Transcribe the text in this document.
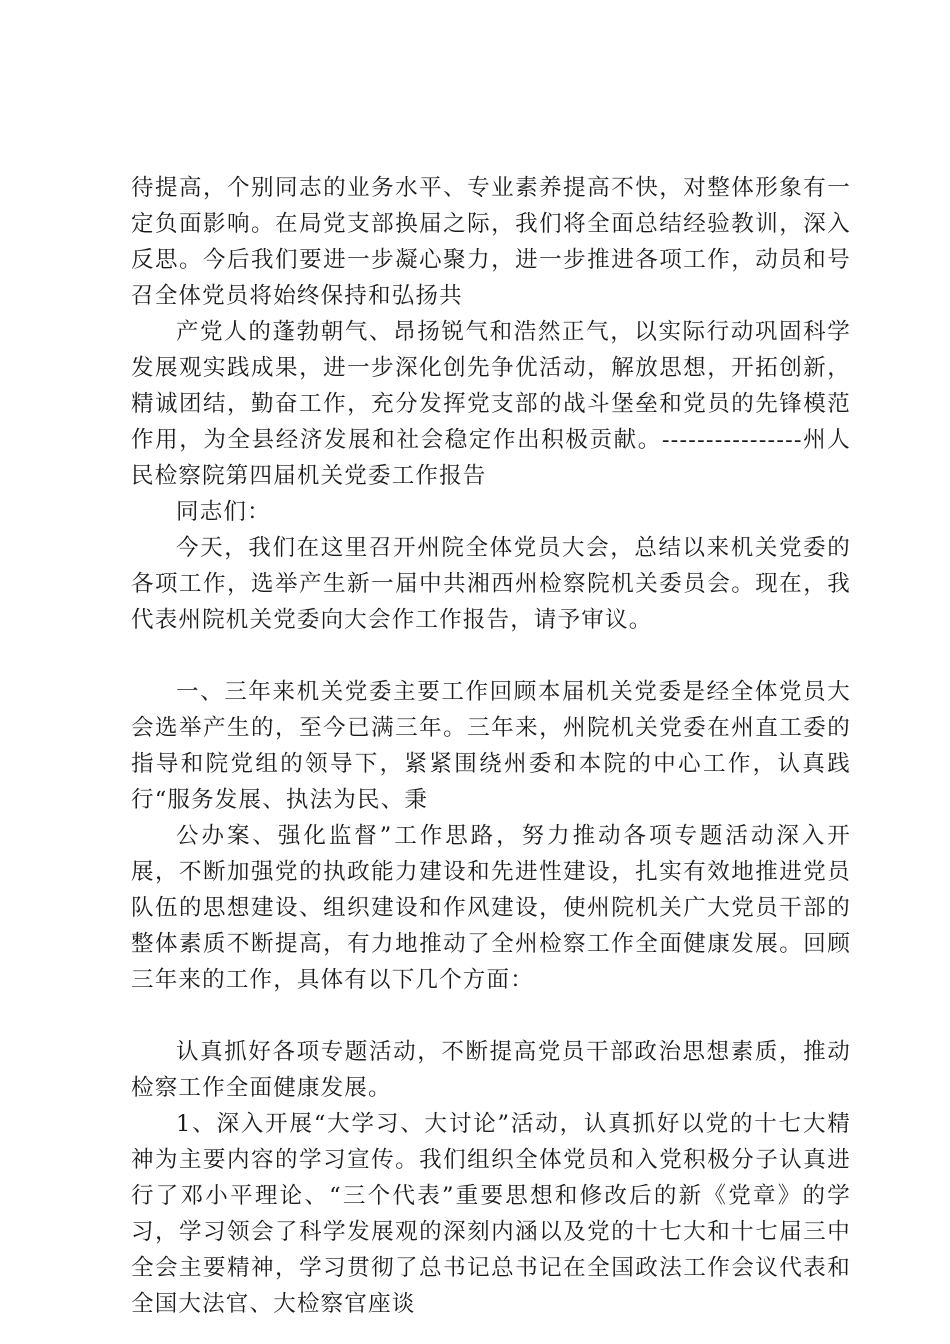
待提高，个别同志的业务水平、专业素养提高不快，对整体形象有一定负面影响。在局党支部换届之际，我们将全面总结经验教训，深入反思。今后我们要进一步凝心聚力，进一步推进各项工作，动员和号召全体党员将始终保持和弘扬共

产党人的蓬勃朝气、昂扬锐气和浩然正气，以实际行动巩固科学发展观实践成果，进一步深化创先争优活动，解放思想，开拓创新，精诚团结，勤奋工作，充分发挥党支部的战斗堡垒和党员的先锋模范作用，为全县经济发展和社会稳定作出积极贡献。----------------州人民检察院第四届机关党委工作报告

同志们：

今天，我们在这里召开州院全体党员大会，总结以来机关党委的各项工作，选举产生新一届中共湘西州检察院机关委员会。现在，我代表州院机关党委向大会作工作报告，请予审议。

一、三年来机关党委主要工作回顾本届机关党委是经全体党员大会选举产生的，至今已满三年。三年来，州院机关党委在州直工委的指导和院党组的领导下，紧紧围绕州委和本院的中心工作，认真践行“服务发展、执法为民、秉

公办案、强化监督”工作思路，努力推动各项专题活动深入开展，不断加强党的执政能力建设和先进性建设，扎实有效地推进党员队伍的思想建设、组织建设和作风建设，使州院机关广大党员干部的整体素质不断提高，有力地推动了全州检察工作全面健康发展。回顾三年来的工作，具体有以下几个方面：

认真抓好各项专题活动，不断提高党员干部政治思想素质，推动检察工作全面健康发展。

1、深入开展“大学习、大讨论”活动，认真抓好以党的十七大精神为主要内容的学习宣传。我们组织全体党员和入党积极分子认真进行了邓小平理论、“三个代表”重要思想和修改后的新《党章》的学习，学习领会了科学发展观的深刻内涵以及党的十七大和十七届三中全会主要精神，学习贯彻了总书记总书记在全国政法工作会议代表和全国大法官、大检察官座谈
